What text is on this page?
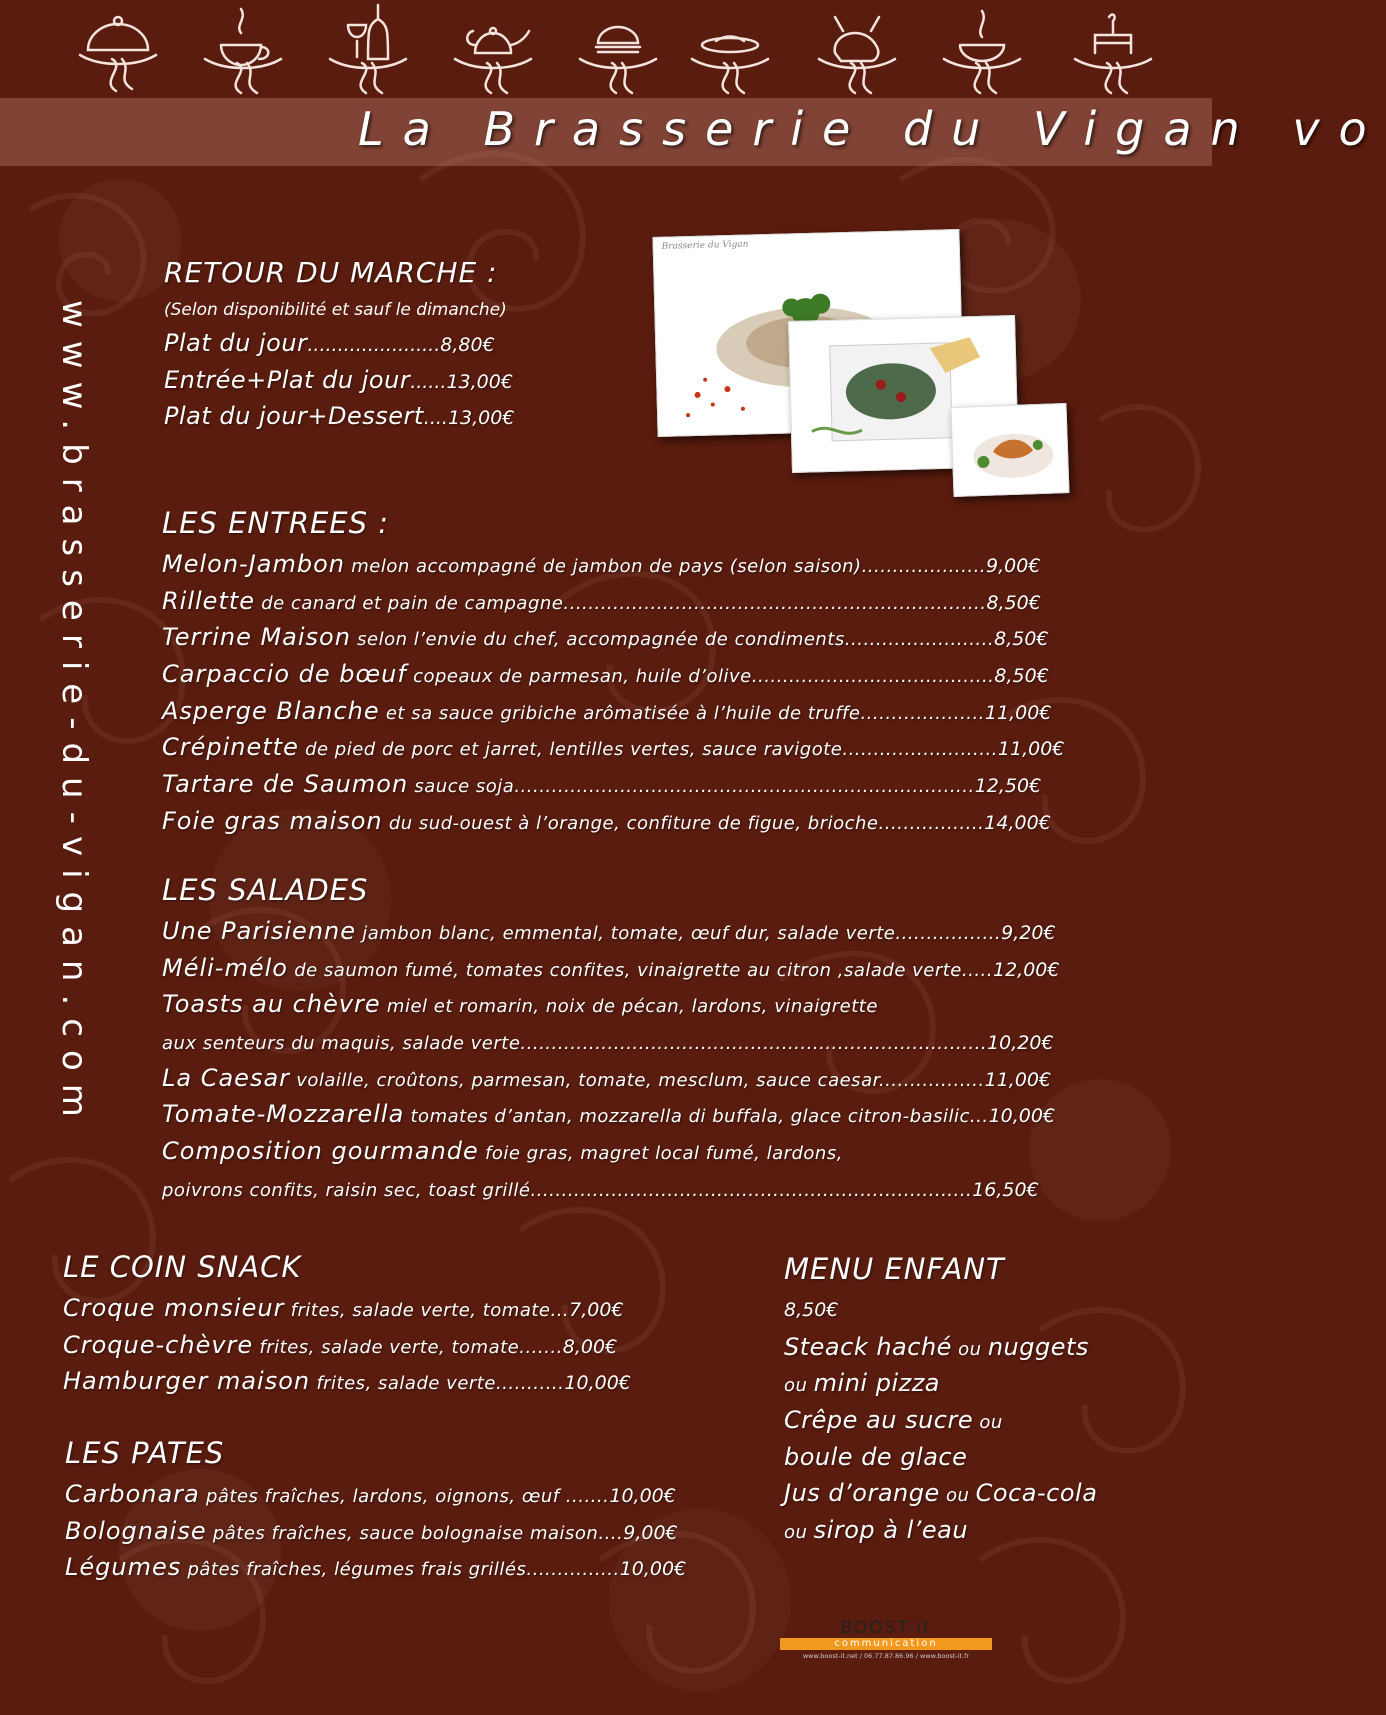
La Brasserie du Vigan vo
www.brasserie-du-vigan.com
RETOUR DU MARCHE :
(Selon disponibilité et sauf le dimanche)
Plat du jour......................8,80€
Entrée+Plat du jour......13,00€
Plat du jour+Dessert....13,00€
Brasserie du Vigan
LES ENTREES :
Melon-Jambon melon accompagné de jambon de pays (selon saison)....................9,00€
Rillette de canard et pain de campagne....................................................................8,50€
Terrine Maison selon l’envie du chef, accompagnée de condiments........................8,50€
Carpaccio de bœuf copeaux de parmesan, huile d’olive.......................................8,50€
Asperge Blanche et sa sauce gribiche arômatisée à l’huile de truffe....................11,00€
Crépinette de pied de porc et jarret, lentilles vertes, sauce ravigote.........................11,00€
Tartare de Saumon sauce soja..........................................................................12,50€
Foie gras maison du sud-ouest à l’orange, confiture de figue, brioche.................14,00€
LES SALADES
Une Parisienne jambon blanc, emmental, tomate, œuf dur, salade verte.................9,20€
Méli-mélo de saumon fumé, tomates confites, vinaigrette au citron ,salade verte.....12,00€
Toasts au chèvre miel et romarin, noix de pécan, lardons, vinaigrette
aux senteurs du maquis, salade verte...........................................................................10,20€
La Caesar volaille, croûtons, parmesan, tomate, mesclum, sauce caesar.................11,00€
Tomate-Mozzarella tomates d’antan, mozzarella di buffala, glace citron-basilic...10,00€
Composition gourmande foie gras, magret local fumé, lardons,
poivrons confits, raisin sec, toast grillé.......................................................................16,50€
LE COIN SNACK
Croque monsieur frites, salade verte, tomate...7,00€
Croque-chèvre frites, salade verte, tomate.......8,00€
Hamburger maison frites, salade verte...........10,00€
LES PATES
Carbonara pâtes fraîches, lardons, oignons, œuf .......10,00€
Bolognaise pâtes fraîches, sauce bolognaise maison....9,00€
Légumes pâtes fraîches, légumes frais grillés...............10,00€
MENU ENFANT
8,50€
Steack haché ou nuggets
ou mini pizza
Crêpe au sucre ou
boule de glace
Jus d’orange ou Coca-cola
ou sirop à l’eau
BOOST-it
communication
www.boost-it.net / 06.77.87.86.96 / www.boost-it.fr
